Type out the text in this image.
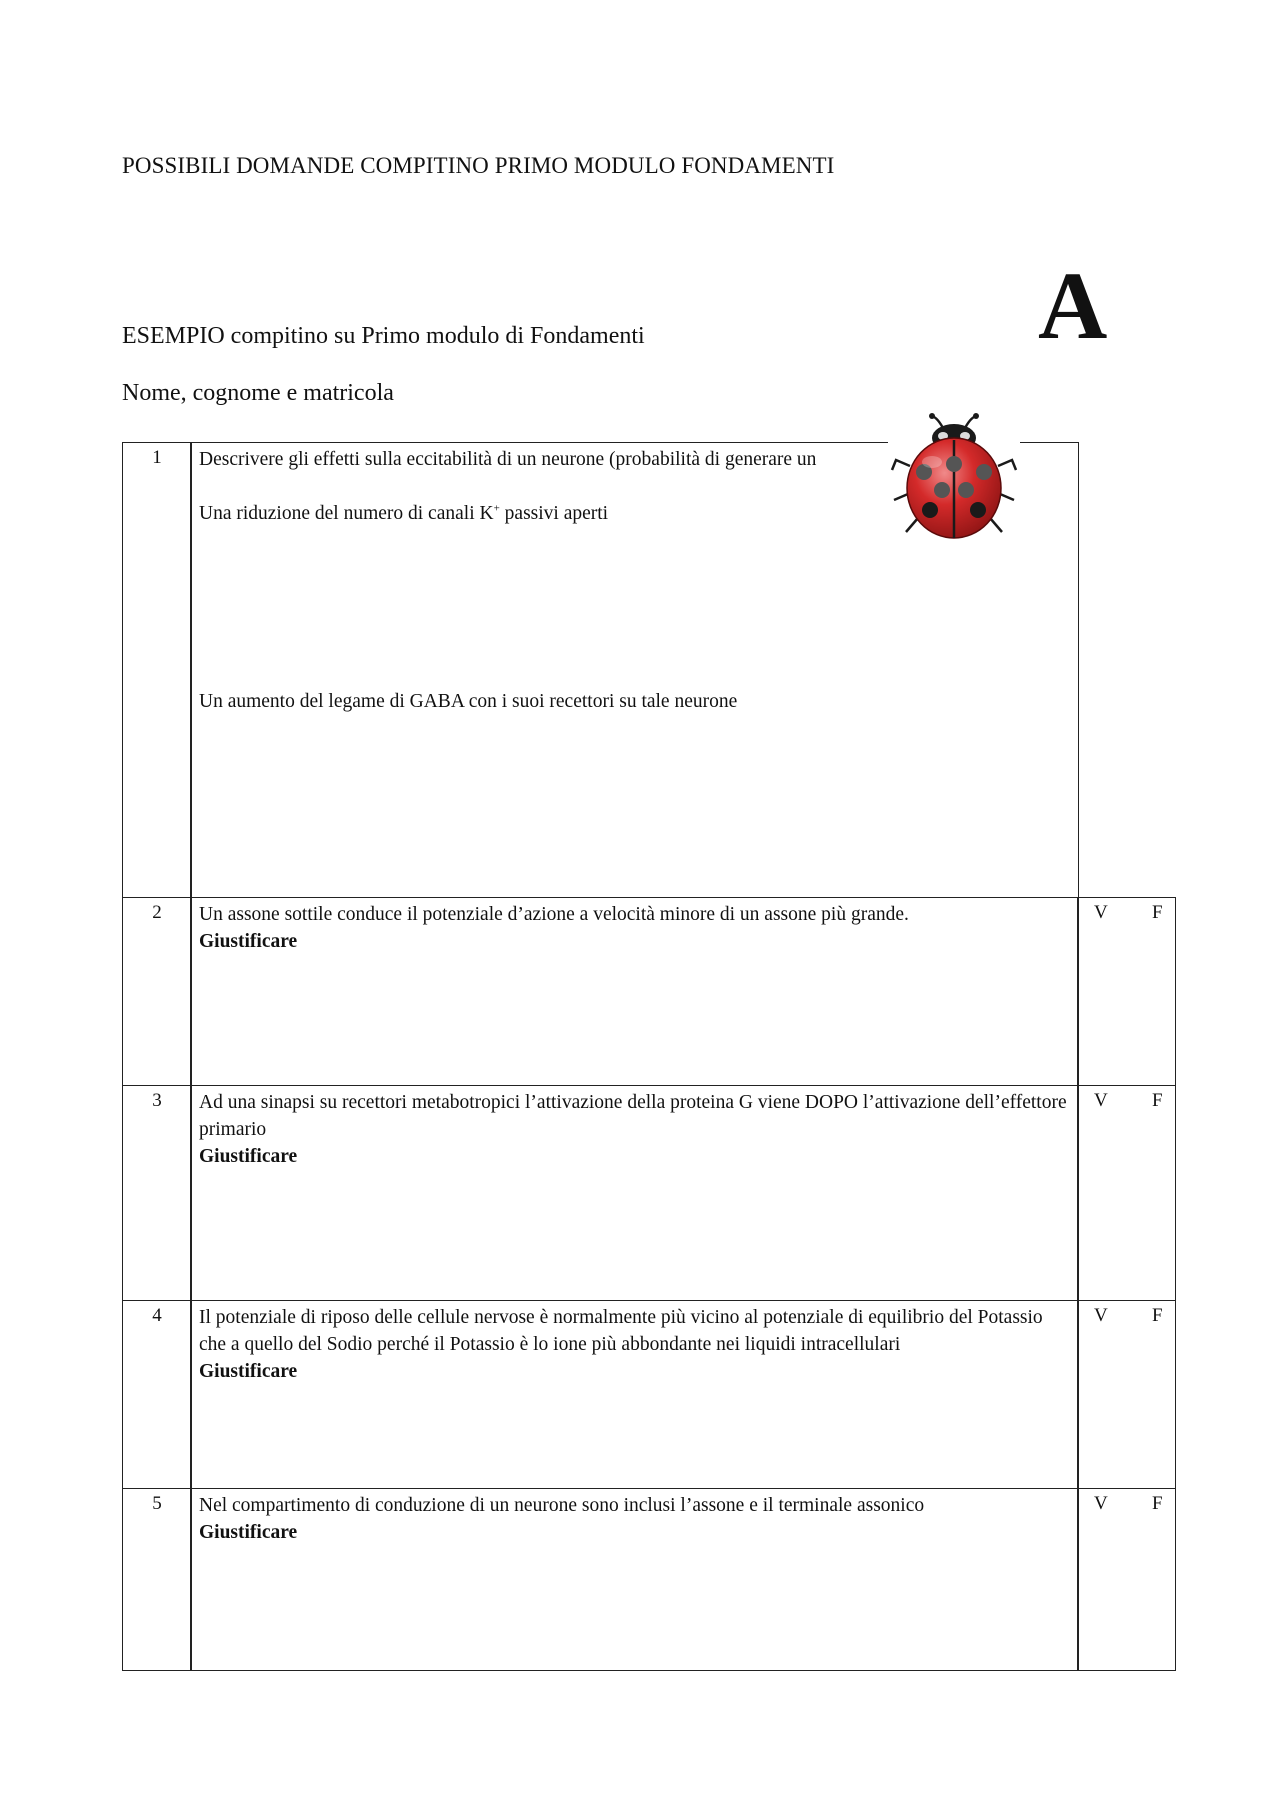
POSSIBILI DOMANDE COMPITINO PRIMO MODULO FONDAMENTI
ESEMPIO compitino su Primo modulo di Fondamenti	A
Nome, cognome e matricola
1	Descrivere gli effetti sulla eccitabilità di un neurone (probabilità di generare un

Una riduzione del numero di canali K+ passivi aperti

Un aumento del legame di GABA con i suoi recettori su tale neurone

2	Un assone sottile conduce il potenziale d’azione a velocità minore di un assone più grande.

Giustificare

V F
3	Ad una sinapsi su recettori metabotropici l’attivazione della proteina G viene DOPO l’attivazione dell’effettore primario

Giustificare

V F
4	Il potenziale di riposo delle cellule nervose è normalmente più vicino al potenziale di equilibrio del Potassio che a quello del Sodio perché il Potassio è lo ione più abbondante nei liquidi intracellulari

Giustificare

V F
5	Nel compartimento di conduzione di un neurone sono inclusi l’assone e il terminale assonico

Giustificare

V F
